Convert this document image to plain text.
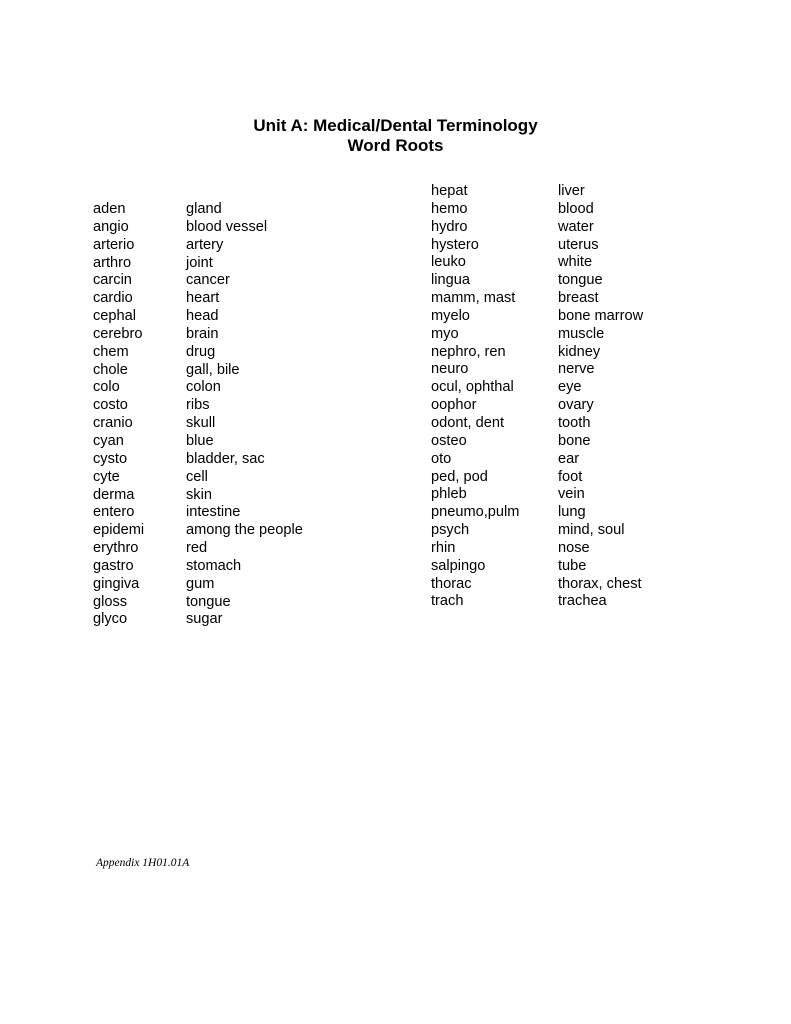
Unit A: Medical/Dental Terminology
Word Roots
aden	gland
angio	blood vessel
arterio	artery
arthro	joint
carcin	cancer
cardio	heart
cephal	head
cerebro	brain
chem	drug
chole	gall, bile
colo	colon
costo	ribs
cranio	skull
cyan	blue
cysto	bladder, sac
cyte	cell
derma	skin
entero	intestine
epidemi	among the people
erythro	red
gastro	stomach
gingiva	gum
gloss	tongue
glyco	sugar
hepat	liver
hemo	blood
hydro	water
hystero	uterus
leuko	white
lingua	tongue
mamm, mast	breast
myelo	bone marrow
myo	muscle
nephro, ren	kidney
neuro	nerve
ocul, ophthal	eye
oophor	ovary
odont, dent	tooth
osteo	bone
oto	ear
ped, pod	foot
phleb	vein
pneumo,pulm	lung
psych	mind, soul
rhin	nose
salpingo	tube
thorac	thorax, chest
trach	trachea
Appendix 1H01.01A
